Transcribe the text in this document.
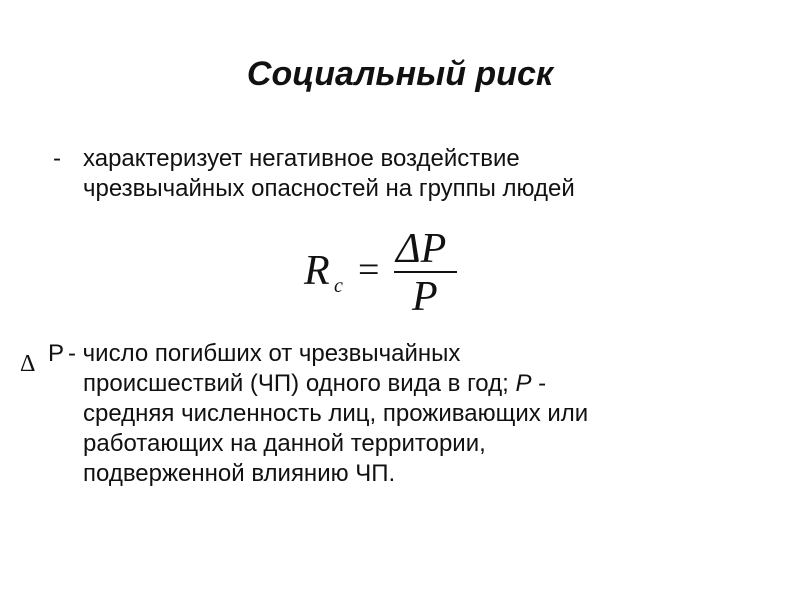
Социальный риск
- характеризует негативное воздействие
чрезвычайных опасностей на группы людей
R c = ΔP
P
Δ P - число погибших от чрезвычайных
происшествий (ЧП) одного вида в год; Р -
средняя численность лиц, проживающих или
работающих на данной территории,
подверженной влиянию ЧП.
